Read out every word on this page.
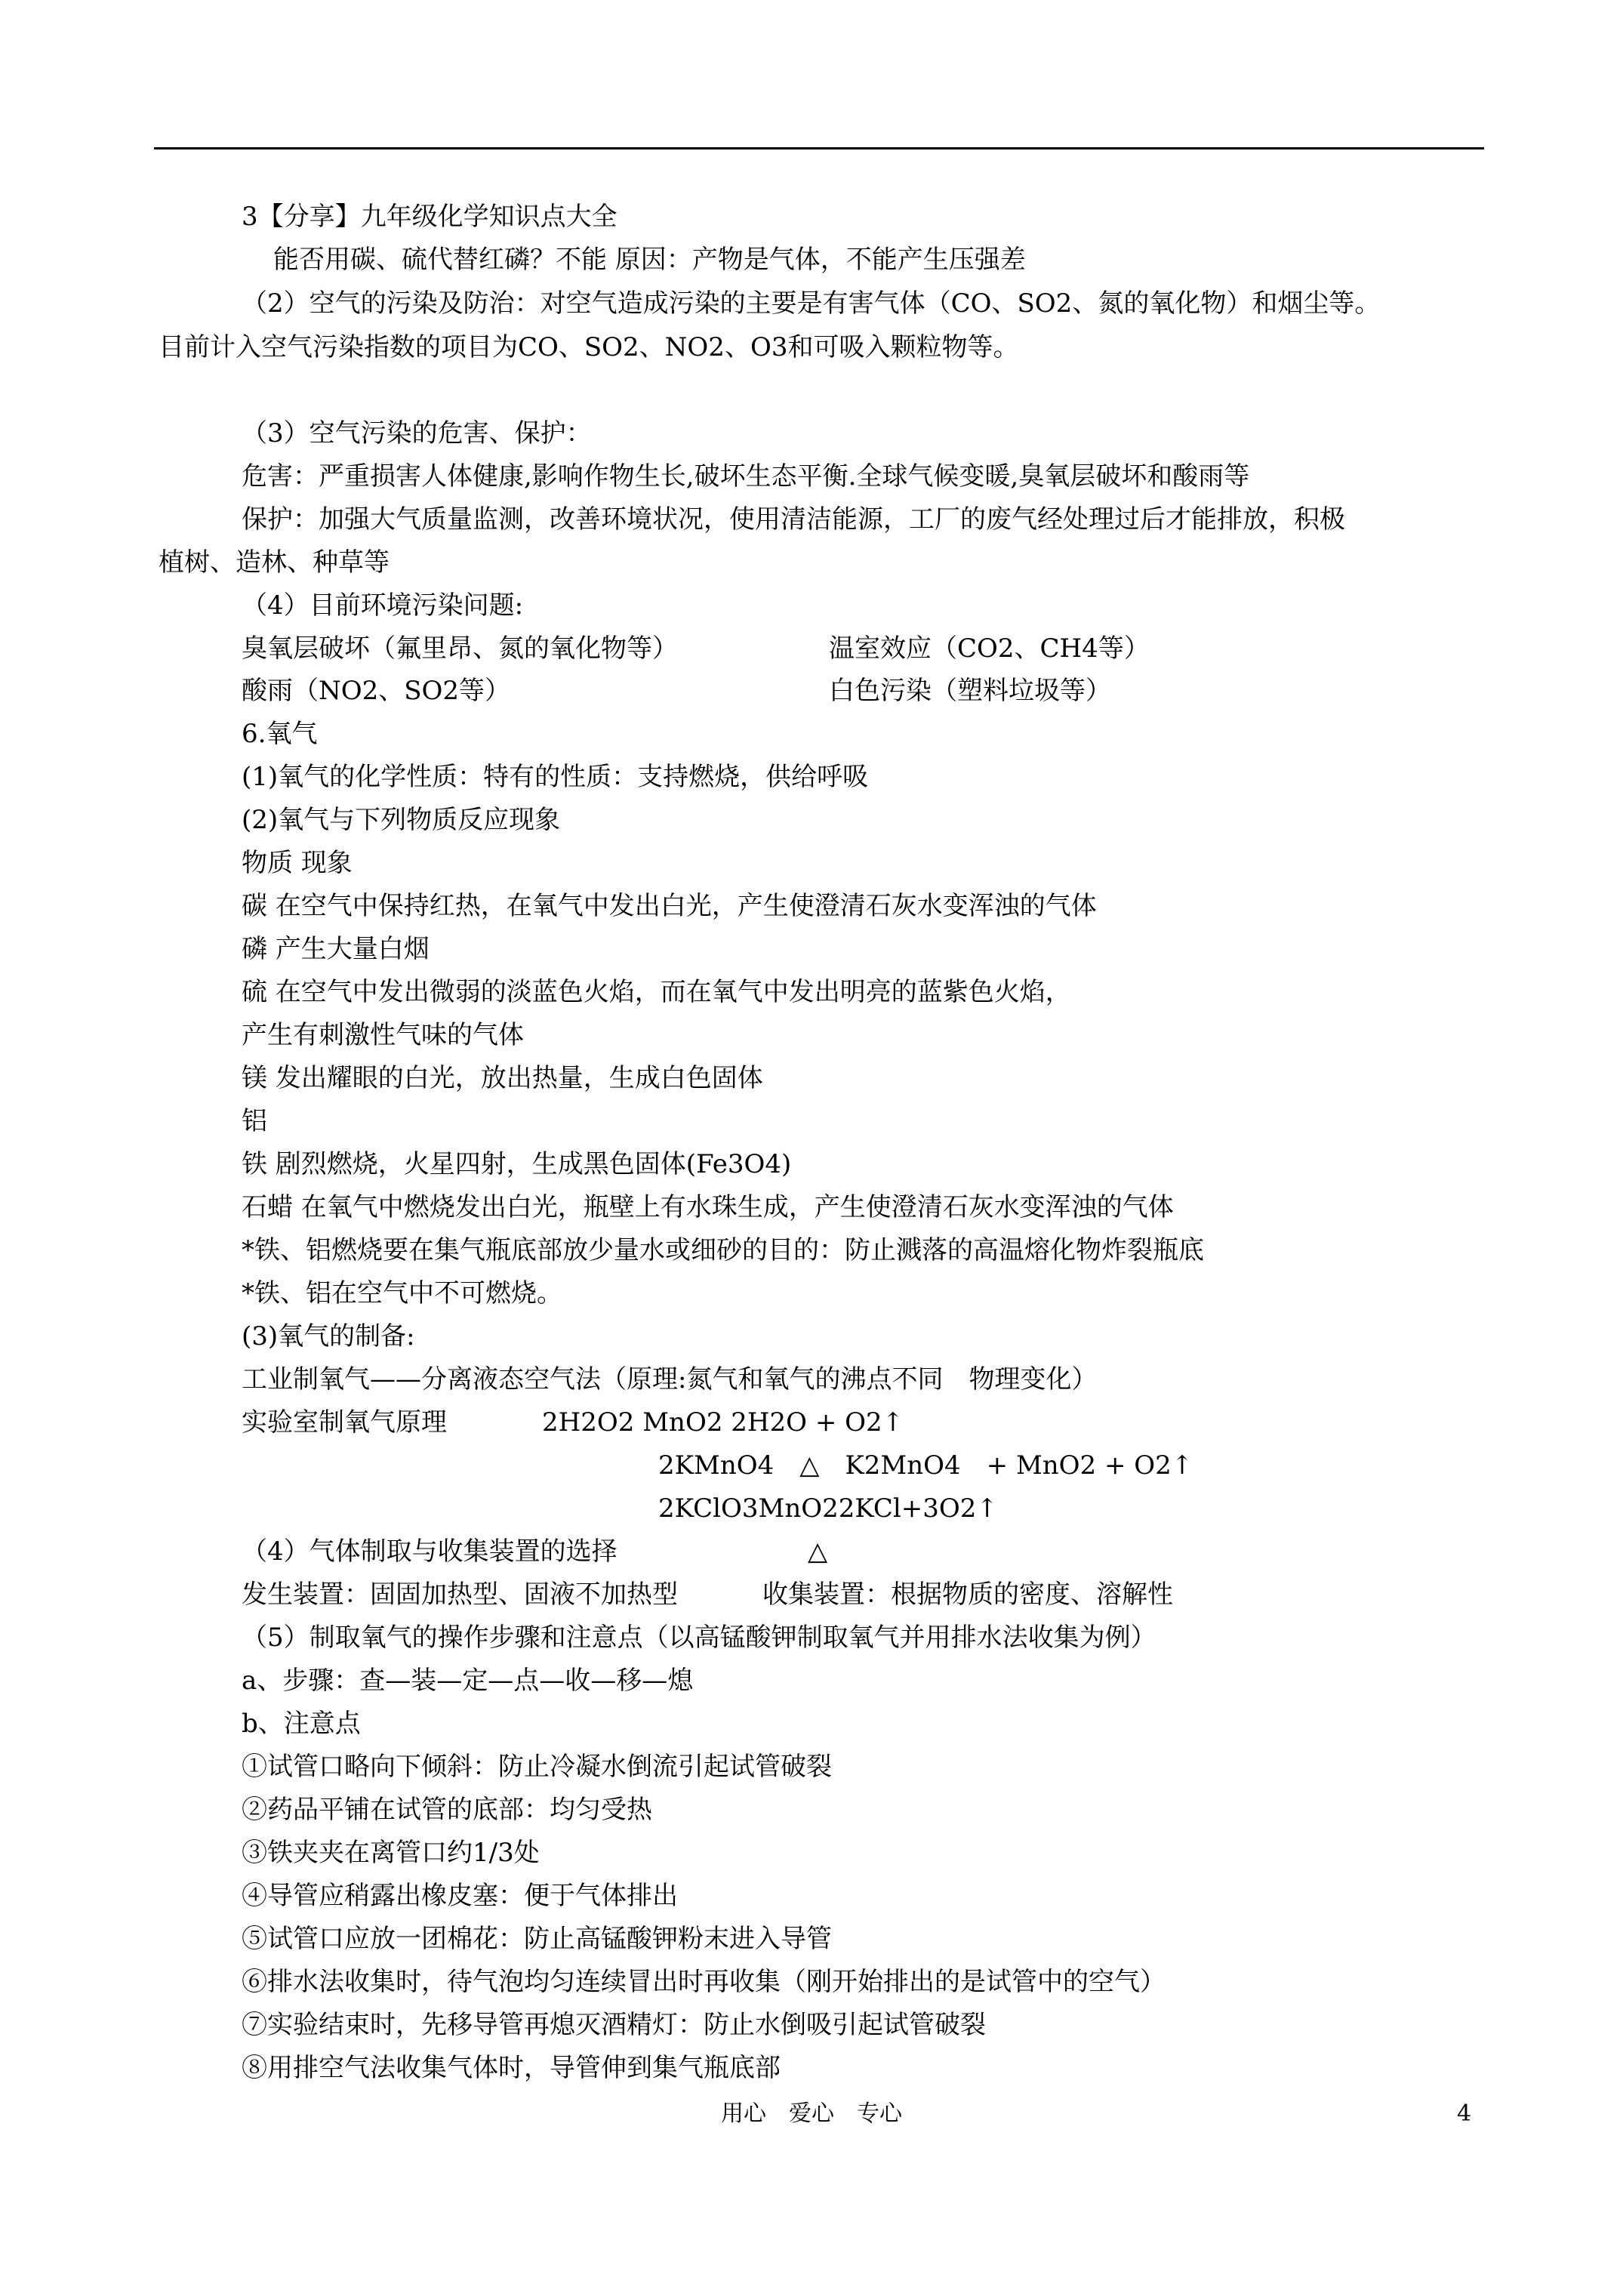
3【分享】九年级化学知识点大全
能否用碳、硫代替红磷？不能 原因：产物是气体，不能产生压强差
（2）空气的污染及防治：对空气造成污染的主要是有害气体（CO、SO2、氮的氧化物）和烟尘等。
目前计入空气污染指数的项目为CO、SO2、NO2、O3和可吸入颗粒物等。
（3）空气污染的危害、保护：
危害：严重损害人体健康,影响作物生长,破坏生态平衡.全球气候变暖,臭氧层破坏和酸雨等
保护：加强大气质量监测，改善环境状况，使用清洁能源，工厂的废气经处理过后才能排放，积极
植树、造林、种草等
（4）目前环境污染问题:
臭氧层破坏（氟里昂、氮的氧化物等）	温室效应（CO2、CH4等）
酸雨（NO2、SO2等）	白色污染（塑料垃圾等）
6.氧气
(1)氧气的化学性质：特有的性质：支持燃烧，供给呼吸
(2)氧气与下列物质反应现象
物质 现象
碳 在空气中保持红热，在氧气中发出白光，产生使澄清石灰水变浑浊的气体
磷 产生大量白烟
硫 在空气中发出微弱的淡蓝色火焰，而在氧气中发出明亮的蓝紫色火焰，
产生有刺激性气味的气体
镁 发出耀眼的白光，放出热量，生成白色固体
铝
铁 剧烈燃烧，火星四射，生成黑色固体(Fe3O4)
石蜡 在氧气中燃烧发出白光，瓶壁上有水珠生成，产生使澄清石灰水变浑浊的气体
*铁、铝燃烧要在集气瓶底部放少量水或细砂的目的：防止溅落的高温熔化物炸裂瓶底
*铁、铝在空气中不可燃烧。
(3)氧气的制备:
工业制氧气——分离液态空气法（原理:氮气和氧气的沸点不同　物理变化）
实验室制氧气原理	2H2O2 MnO2 2H2O + O2↑
2KMnO4　△　K2MnO4　+ MnO2 + O2↑
2KClO3MnO22KCl+3O2↑
（4）气体制取与收集装置的选择	△
发生装置：固固加热型、固液不加热型	收集装置：根据物质的密度、溶解性
（5）制取氧气的操作步骤和注意点（以高锰酸钾制取氧气并用排水法收集为例）
a、步骤：查—装—定—点—收—移—熄
b、注意点
①试管口略向下倾斜：防止冷凝水倒流引起试管破裂
②药品平铺在试管的底部：均匀受热
③铁夹夹在离管口约1/3处
④导管应稍露出橡皮塞：便于气体排出
⑤试管口应放一团棉花：防止高锰酸钾粉末进入导管
⑥排水法收集时，待气泡均匀连续冒出时再收集（刚开始排出的是试管中的空气）
⑦实验结束时，先移导管再熄灭酒精灯：防止水倒吸引起试管破裂
⑧用排空气法收集气体时，导管伸到集气瓶底部
用心　爱心　专心	4
